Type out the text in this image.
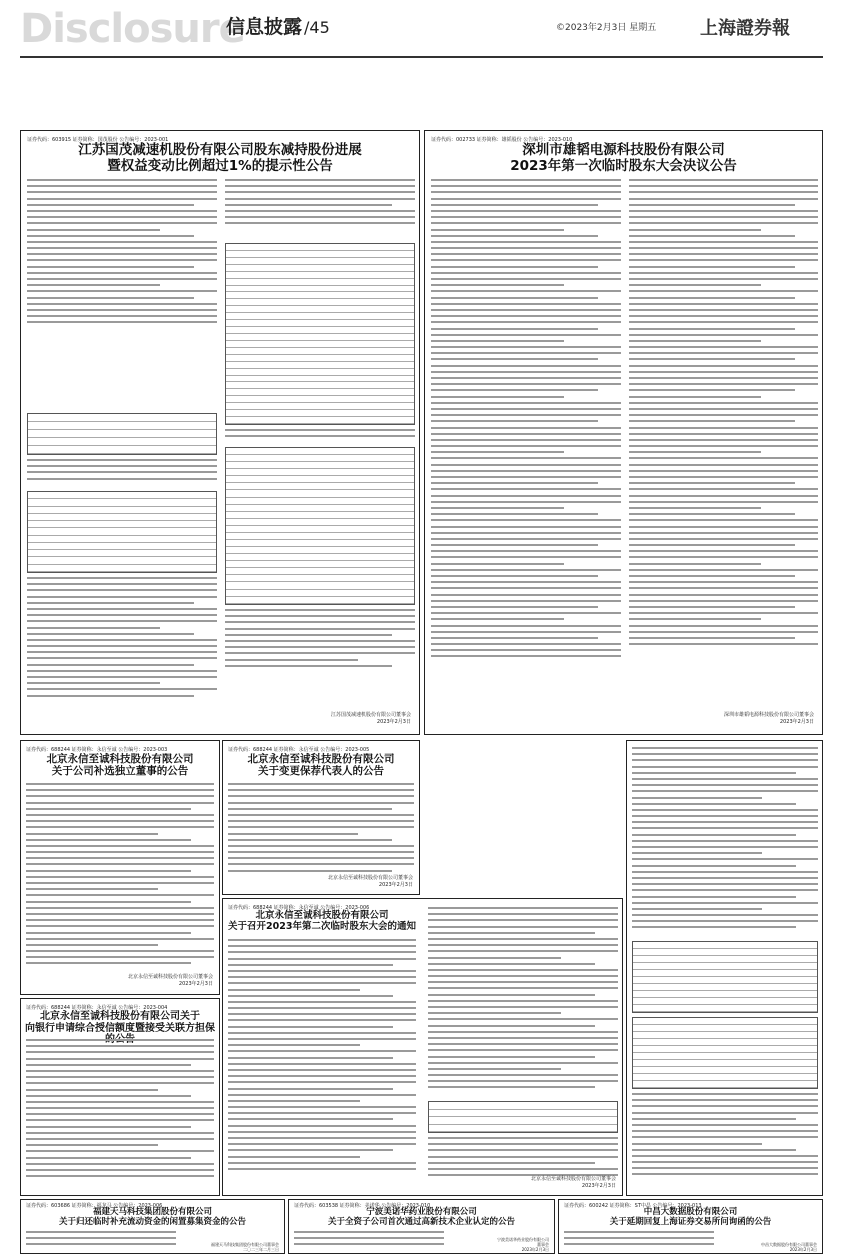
Disclosure
信息披露 /45	©2023年2月3日 星期五 上海證券報
证券代码：603915 证券简称：国茂股份 公告编号：2023-001
江苏国茂减速机股份有限公司股东减持股份进展
暨权益变动比例超过1%的提示性公告
江苏国茂减速机股份有限公司董事会
2023年2月3日
证券代码：002733 证券简称：雄韬股份 公告编号：2023-010
深圳市雄韬电源科技股份有限公司
2023年第一次临时股东大会决议公告
深圳市雄韬电源科技股份有限公司董事会
2023年2月3日
证券代码：688244 证券简称：永信至诚 公告编号：2023-003
北京永信至诚科技股份有限公司
关于公司补选独立董事的公告
北京永信至诚科技股份有限公司董事会
2023年2月3日
证券代码：688244 证券简称：永信至诚 公告编号：2023-005
北京永信至诚科技股份有限公司
关于变更保荐代表人的公告
北京永信至诚科技股份有限公司董事会
2023年2月3日
证券代码：688244 证券简称：永信至诚 公告编号：2023-004
北京永信至诚科技股份有限公司关于
向银行申请综合授信额度暨接受关联方担保
证券代码：688244 证券简称：永信至诚 公告编号：2023-006
北京永信至诚科技股份有限公司
关于召开2023年第二次临时股东大会的通知
北京永信至诚科技股份有限公司董事会
2023年2月3日
证券代码：603686 证券简称：福龙马 公告编号：2023-006
福建天马科技集团股份有限公司
关于归还临时补充流动资金的闲置募集资金的公告
福建天马科技集团股份有限公司董事会
二〇二三年二月三日
证券代码：603538 证券简称：美诺华 公告编号：2023-010
宁波美诺华药业股份有限公司
关于全资子公司首次通过高新技术企业认定的公告
宁波美诺华药业股份有限公司
董事会
2023年2月3日
证券代码：600242 证券简称：ST中昌 公告编号：2023-013
中昌大数据股份有限公司
关于延期回复上海证券交易所问询函的公告
中昌大数据股份有限公司董事会
2023年2月3日
